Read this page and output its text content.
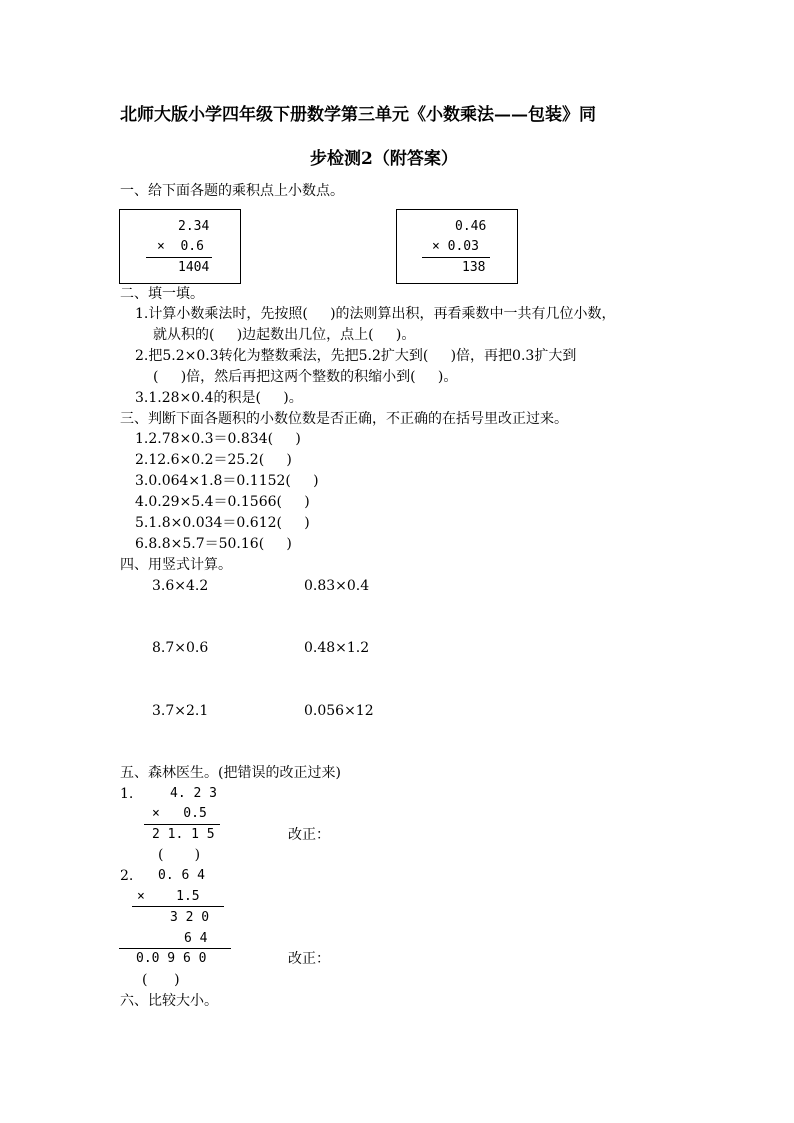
北师大版小学四年级下册数学第三单元《小数乘法——包装》同
步检测2（附答案）
一、给下面各题的乘积点上小数点。
2.34
×  0.6
1404
0.46
× 0.03
138
二、填一填。
1.计算小数乘法时，先按照(     )的法则算出积，再看乘数中一共有几位小数，
就从积的(     )边起数出几位，点上(     )。
2.把5.2×0.3转化为整数乘法，先把5.2扩大到(     )倍，再把0.3扩大到
(     )倍，然后再把这两个整数的积缩小到(     )。
3.1.28×0.4的积是(     )。
三、判断下面各题积的小数位数是否正确，不正确的在括号里改正过来。
1.2.78×0.3＝0.834(     )
2.12.6×0.2＝25.2(     )
3.0.064×1.8＝0.1152(     )
4.0.29×5.4＝0.1566(     )
5.1.8×0.034＝0.612(     )
6.8.8×5.7＝50.16(     )
四、用竖式计算。
3.6×4.2	0.83×0.4
8.7×0.6	0.48×1.2
3.7×2.1	0.056×12
五、森林医生。(把错误的改正过来)
1.	4. 2 3
×   0.5
2 1. 1 5	改正：
(       )
2. 0. 6 4
×    1.5
3 2 0
6 4
0.0 9 6 0	改正：
(      )
六、比较大小。
